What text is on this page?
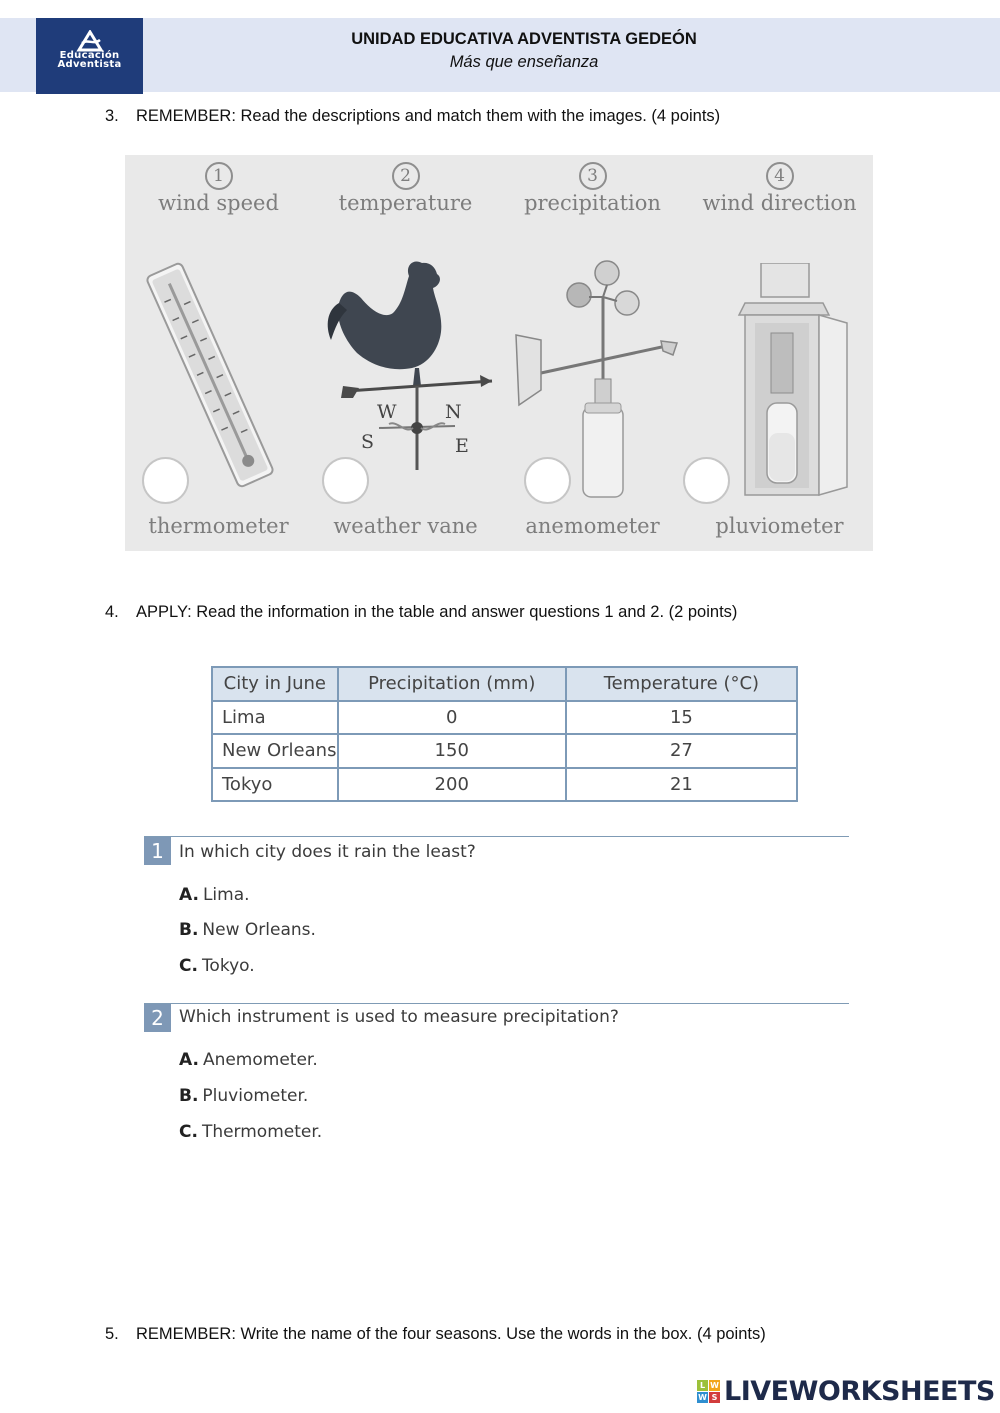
Educación
Adventista
UNIDAD EDUCATIVA ADVENTISTA GEDEÓN
Más que enseñanza
3. REMEMBER: Read the descriptions and match them with the images. (4 points)
1
wind speed
thermometer
2
temperature
W	N
S	E
weather vane
3
precipitation
anemometer
4
wind direction
pluviometer
4. APPLY: Read the information in the table and answer questions 1 and 2. (2 points)
City in June	Precipitation (mm)	Temperature (°C)
Lima	0	15
New Orleans	150	27
Tokyo	200	21
1 In which city does it rain the least?
A. Lima.
B. New Orleans.
C. Tokyo.
2 Which instrument is used to measure precipitation?
A. Anemometer.
B. Pluviometer.
C. Thermometer.
5. REMEMBER: Write the name of the four seasons. Use the words in the box. (4 points)
L W
W S LIVEWORKSHEETS
